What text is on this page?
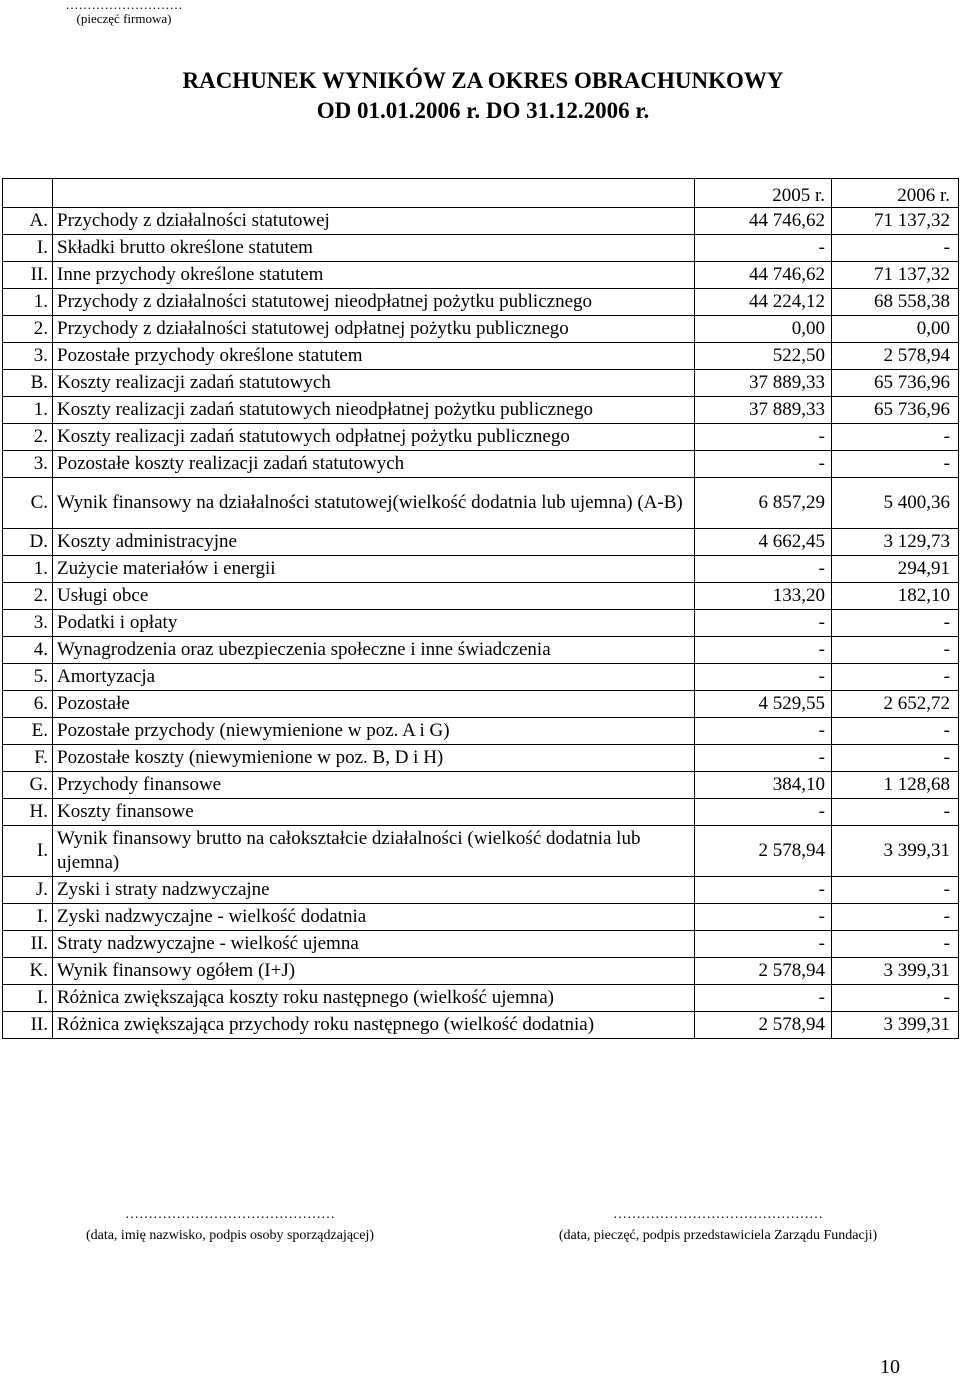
………………………
(pieczęć firmowa)
RACHUNEK WYNIKÓW ZA OKRES OBRACHUNKOWY
OD 01.01.2006 r. DO 31.12.2006 r.
		2005 r.	2006 r.
A.	Przychody z działalności statutowej	44 746,62	71 137,32
I.	Składki brutto określone statutem	-	-
II.	Inne przychody określone statutem	44 746,62	71 137,32
1.	Przychody z działalności statutowej nieodpłatnej pożytku publicznego	44 224,12	68 558,38
2.	Przychody z działalności statutowej odpłatnej pożytku publicznego	0,00	0,00
3.	Pozostałe przychody określone statutem	522,50	2 578,94
B.	Koszty realizacji zadań statutowych	37 889,33	65 736,96
1.	Koszty realizacji zadań statutowych nieodpłatnej pożytku publicznego	37 889,33	65 736,96
2.	Koszty realizacji zadań statutowych odpłatnej pożytku publicznego	-	-
3.	Pozostałe koszty realizacji zadań statutowych	-	-
C.	Wynik finansowy na działalności statutowej(wielkość dodatnia lub ujemna) (A-B)	6 857,29	5 400,36
D.	Koszty administracyjne	4 662,45	3 129,73
1.	Zużycie materiałów i energii	-	294,91
2.	Usługi obce	133,20	182,10
3.	Podatki i opłaty	-	-
4.	Wynagrodzenia oraz ubezpieczenia społeczne i inne świadczenia	-	-
5.	Amortyzacja	-	-
6.	Pozostałe	4 529,55	2 652,72
E.	Pozostałe przychody (niewymienione w poz. A i G)	-	-
F.	Pozostałe koszty (niewymienione w poz. B, D i H)	-	-
G.	Przychody finansowe	384,10	1 128,68
H.	Koszty finansowe	-	-
I.	Wynik finansowy brutto na całokształcie działalności (wielkość dodatnia lub ujemna)	2 578,94	3 399,31
J.	Zyski i straty nadzwyczajne	-	-
I.	Zyski nadzwyczajne - wielkość dodatnia	-	-
II.	Straty nadzwyczajne - wielkość ujemna	-	-
K.	Wynik finansowy ogółem (I+J)	2 578,94	3 399,31
I.	Różnica zwiększająca koszty roku następnego (wielkość ujemna)	-	-
II.	Różnica zwiększająca przychody roku następnego (wielkość dodatnia)	2 578,94	3 399,31
………………………………………
(data, imię nazwisko, podpis osoby sporządzającej)
………………………………………
(data, pieczęć, podpis przedstawiciela Zarządu Fundacji)
10
